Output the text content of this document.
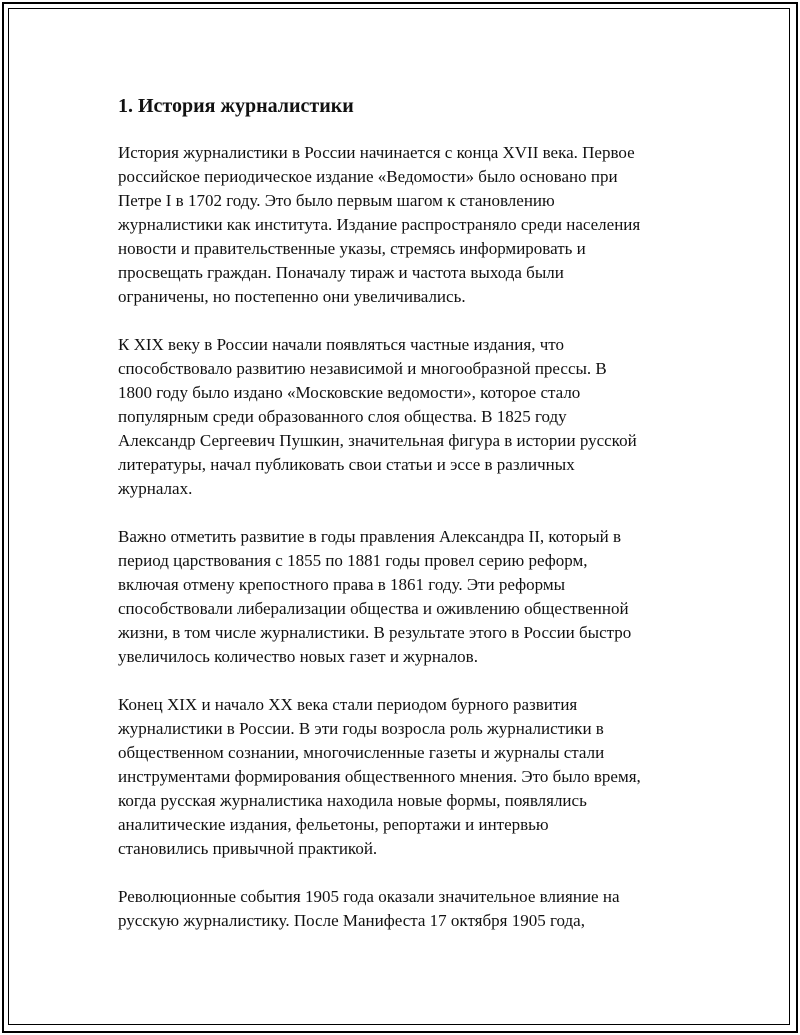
1. История журналистики

История журналистики в России начинается с конца XVII века. Первое
российское периодическое издание «Ведомости» было основано при
Петре I в 1702 году. Это было первым шагом к становлению
журналистики как института. Издание распространяло среди населения
новости и правительственные указы, стремясь информировать и
просвещать граждан. Поначалу тираж и частота выхода были
ограничены, но постепенно они увеличивались.

К XIX веку в России начали появляться частные издания, что
способствовало развитию независимой и многообразной прессы. В
1800 году было издано «Московские ведомости», которое стало
популярным среди образованного слоя общества. В 1825 году
Александр Сергеевич Пушкин, значительная фигура в истории русской
литературы, начал публиковать свои статьи и эссе в различных
журналах.

Важно отметить развитие в годы правления Александра II, который в
период царствования с 1855 по 1881 годы провел серию реформ,
включая отмену крепостного права в 1861 году. Эти реформы
способствовали либерализации общества и оживлению общественной
жизни, в том числе журналистики. В результате этого в России быстро
увеличилось количество новых газет и журналов.

Конец XIX и начало XX века стали периодом бурного развития
журналистики в России. В эти годы возросла роль журналистики в
общественном сознании, многочисленные газеты и журналы стали
инструментами формирования общественного мнения. Это было время,
когда русская журналистика находила новые формы, появлялись
аналитические издания, фельетоны, репортажи и интервью
становились привычной практикой.

Революционные события 1905 года оказали значительное влияние на
русскую журналистику. После Манифеста 17 октября 1905 года,
